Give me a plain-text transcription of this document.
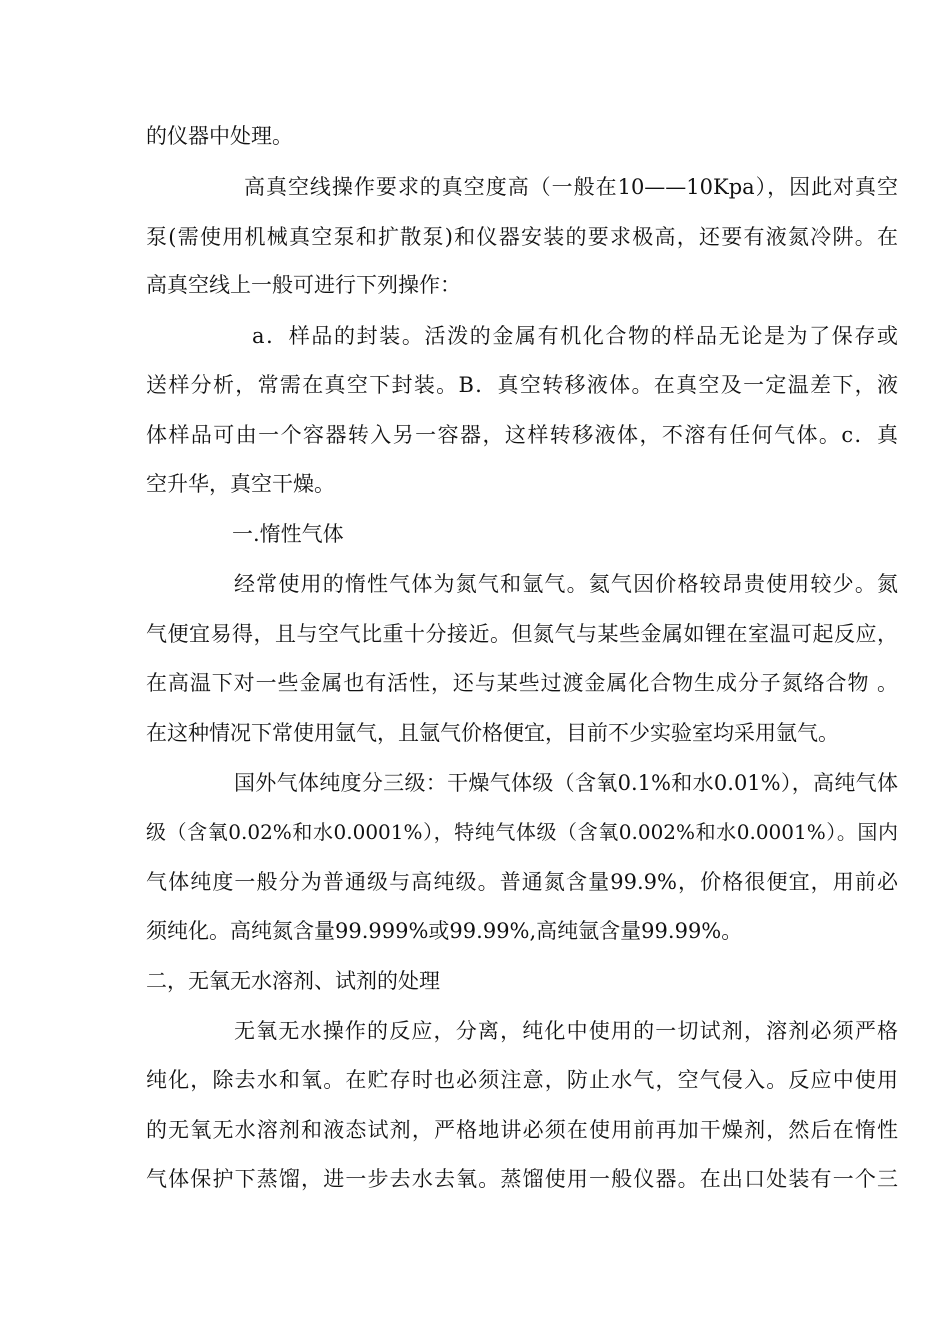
的仪器中处理。
高真空线操作要求的真空度高（一般在10——10Kpa），因此对真空
泵(需使用机械真空泵和扩散泵)和仪器安装的要求极高，还要有液氮冷阱。在
高真空线上一般可进行下列操作：
a．样品的封装。活泼的金属有机化合物的样品无论是为了保存或
送样分析，常需在真空下封装。B．真空转移液体。在真空及一定温差下，液
体样品可由一个容器转入另一容器，这样转移液体，不溶有任何气体。c．真
空升华，真空干燥。
一.惰性气体
经常使用的惰性气体为氮气和氩气。氦气因价格较昂贵使用较少。氮
气便宜易得，且与空气比重十分接近。但氮气与某些金属如锂在室温可起反应，
在高温下对一些金属也有活性，还与某些过渡金属化合物生成分子氮络合物 。
在这种情况下常使用氩气，且氩气价格便宜，目前不少实验室均采用氩气。
国外气体纯度分三级：干燥气体级（含氧0.1%和水0.01%），高纯气体
级（含氧0.02%和水0.0001%），特纯气体级（含氧0.002%和水0.0001%）。国内
气体纯度一般分为普通级与高纯级。普通氮含量99.9%，价格很便宜，用前必
须纯化。高纯氮含量99.999%或99.99%,高纯氩含量99.99%。
二，无氧无水溶剂、试剂的处理
无氧无水操作的反应，分离，纯化中使用的一切试剂，溶剂必须严格
纯化，除去水和氧。在贮存时也必须注意，防止水气，空气侵入。反应中使用
的无氧无水溶剂和液态试剂，严格地讲必须在使用前再加干燥剂，然后在惰性
气体保护下蒸馏，进一步去水去氧。蒸馏使用一般仪器。在出口处装有一个三
